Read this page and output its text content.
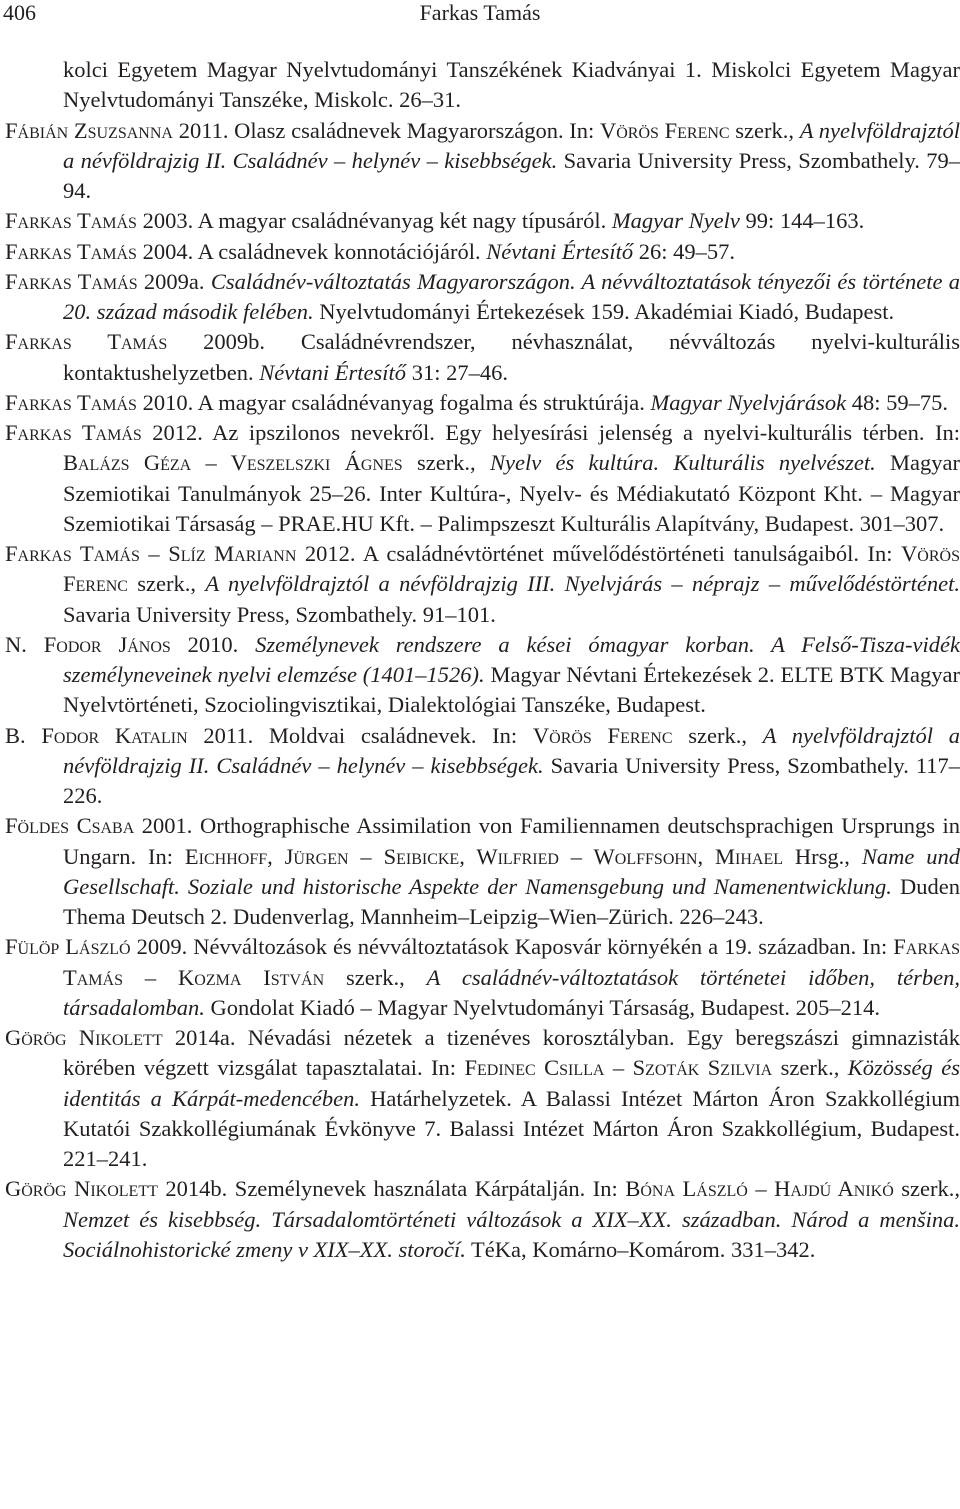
406	Farkas Tamás

kolci Egyetem Magyar Nyelvtudományi Tanszékének Kiadványai 1. Miskolci Egyetem Magyar Nyelvtudományi Tanszéke, Miskolc. 26–31.

Fábián Zsuzsanna 2011. Olasz családnevek Magyarországon. In: Vörös Ferenc szerk., A nyelvföldrajztól a névföldrajzig II. Családnév – helynév – kisebbségek. Savaria University Press, Szombathely. 79–94.

Farkas Tamás 2003. A magyar családnévanyag két nagy típusáról. Magyar Nyelv 99: 144–163.

Farkas Tamás 2004. A családnevek konnotációjáról. Névtani Értesítő 26: 49–57.

Farkas Tamás 2009a. Családnév-változtatás Magyarországon. A névváltoztatások tényezői és története a 20. század második felében. Nyelvtudományi Értekezések 159. Akadémiai Kiadó, Budapest.

Farkas Tamás 2009b. Családnévrendszer, névhasználat, névváltozás nyelvi-kulturális kontaktushelyzetben. Névtani Értesítő 31: 27–46.

Farkas Tamás 2010. A magyar családnévanyag fogalma és struktúrája. Magyar Nyelvjárások 48: 59–75.

Farkas Tamás 2012. Az ipszilonos nevekről. Egy helyesírási jelenség a nyelvi-kulturális térben. In: Balázs Géza – Veszelszki Ágnes szerk., Nyelv és kultúra. Kulturális nyelvészet. Magyar Szemiotikai Tanulmányok 25–26. Inter Kultúra-, Nyelv- és Médiakutató Központ Kht. – Magyar Szemiotikai Társaság – PRAE.HU Kft. – Palimpszeszt Kulturális Alapítvány, Budapest. 301–307.

Farkas Tamás – Slíz Mariann 2012. A családnévtörténet művelődéstörténeti tanulságaiból. In: Vörös Ferenc szerk., A nyelvföldrajztól a névföldrajzig III. Nyelvjárás – néprajz – művelődéstörténet. Savaria University Press, Szombathely. 91–101.

N. Fodor János 2010. Személynevek rendszere a kései ómagyar korban. A Felső-Tisza-vidék személyneveinek nyelvi elemzése (1401–1526). Magyar Névtani Értekezések 2. ELTE BTK Magyar Nyelvtörténeti, Szociolingvisztikai, Dialektológiai Tanszéke, Budapest.

B. Fodor Katalin 2011. Moldvai családnevek. In: Vörös Ferenc szerk., A nyelvföldrajztól a névföldrajzig II. Családnév – helynév – kisebbségek. Savaria University Press, Szombathely. 117–226.

Földes Csaba 2001. Orthographische Assimilation von Familiennamen deutschsprachigen Ursprungs in Ungarn. In: Eichhoff, Jürgen – Seibicke, Wilfried – Wolffsohn, Mihael Hrsg., Name und Gesellschaft. Soziale und historische Aspekte der Namensgebung und Namenentwicklung. Duden Thema Deutsch 2. Dudenverlag, Mannheim–Leipzig–Wien–Zürich. 226–243.

Fülöp László 2009. Névváltozások és névváltoztatások Kaposvár környékén a 19. században. In: Farkas Tamás – Kozma István szerk., A családnév-változtatások történetei időben, térben, társadalomban. Gondolat Kiadó – Magyar Nyelvtudományi Társaság, Budapest. 205–214.

Görög Nikolett 2014a. Névadási nézetek a tizenéves korosztályban. Egy beregszászi gimnazisták körében végzett vizsgálat tapasztalatai. In: Fedinec Csilla – Szoták Szilvia szerk., Közösség és identitás a Kárpát-medencében. Határhelyzetek. A Balassi Intézet Márton Áron Szakkollégium Kutatói Szakkollégiumának Évkönyve 7. Balassi Intézet Márton Áron Szakkollégium, Budapest. 221–241.

Görög Nikolett 2014b. Személynevek használata Kárpátalján. In: Bóna László – Hajdú Anikó szerk., Nemzet és kisebbség. Társadalomtörténeti változások a XIX–XX. században. Národ a menšina. Sociálnohistorické zmeny v XIX–XX. storočí. TéKa, Komárno–Komárom. 331–342.
